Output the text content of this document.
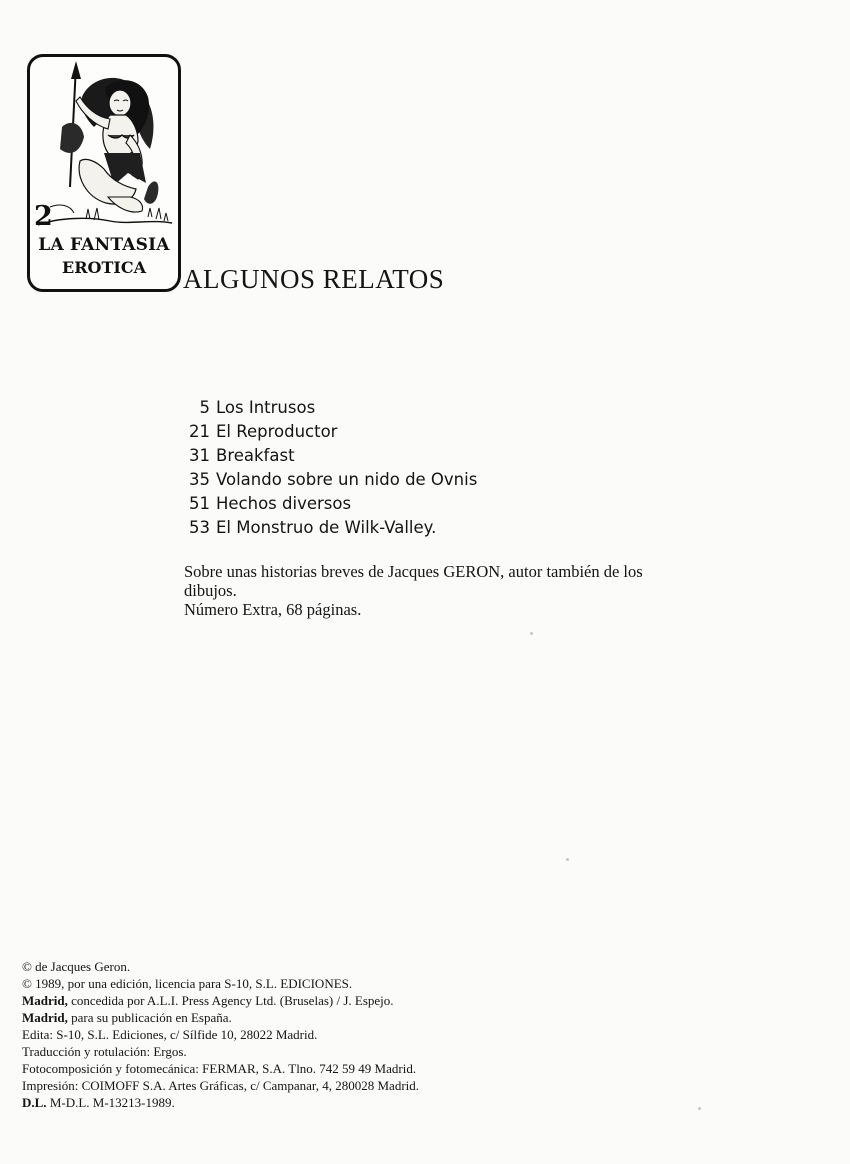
2
LA FANTASIA
EROTICA	ALGUNOS RELATOS
5 Los Intrusos
21 El Reproductor
31 Breakfast
35 Volando sobre un nido de Ovnis
51 Hechos diversos
53 El Monstruo de Wilk-Valley.

Sobre unas historias breves de Jacques GERON, autor también de los

dibujos.

Número Extra, 68 páginas.

© de Jacques Geron.

© 1989, por una edición, licencia para S-10, S.L. EDICIONES.

Madrid, concedida por A.L.I. Press Agency Ltd. (Bruselas) / J. Espejo.

Madrid, para su publicación en España.

Edita: S-10, S.L. Ediciones, c/ Sílfide 10, 28022 Madrid.

Traducción y rotulación: Ergos.

Fotocomposición y fotomecánica: FERMAR, S.A. Tlno. 742 59 49 Madrid.

Impresión: COIMOFF S.A. Artes Gráficas, c/ Campanar, 4, 280028 Madrid.

D.L. M-D.L. M-13213-1989.
